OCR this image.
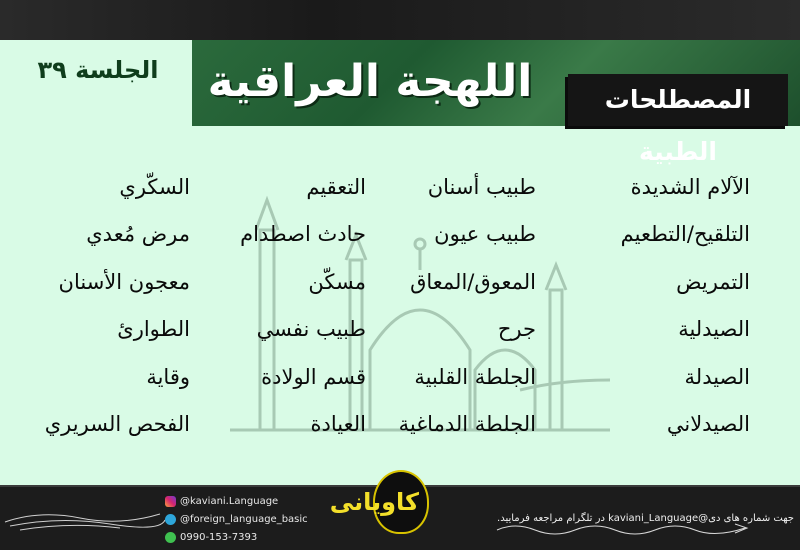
اللهجة العراقية	المصطلحات الطبية
الجلسة ٣٩
الآلام الشديدة
التلقيح/التطعيم
التمريض
الصيدلية
الصيدلة
الصيدلاني
طبيب أسنان
طبيب عيون
المعوق/المعاق
جرح
الجلطة القلبية
الجلطة الدماغية
التعقيم
حادث اصطدام
مسكّن
طبيب نفسي
قسم الولادة
العيادة
السكّري
مرض مُعدي
معجون الأسنان
الطوارئ
وقاية
الفحص السريري
@kaviani.Language
@foreign_language_basic
0990-153-7393
كاويانی
جهت شماره هاى دى@kaviani_Language در تلگرام مراجعه فرمایید.
